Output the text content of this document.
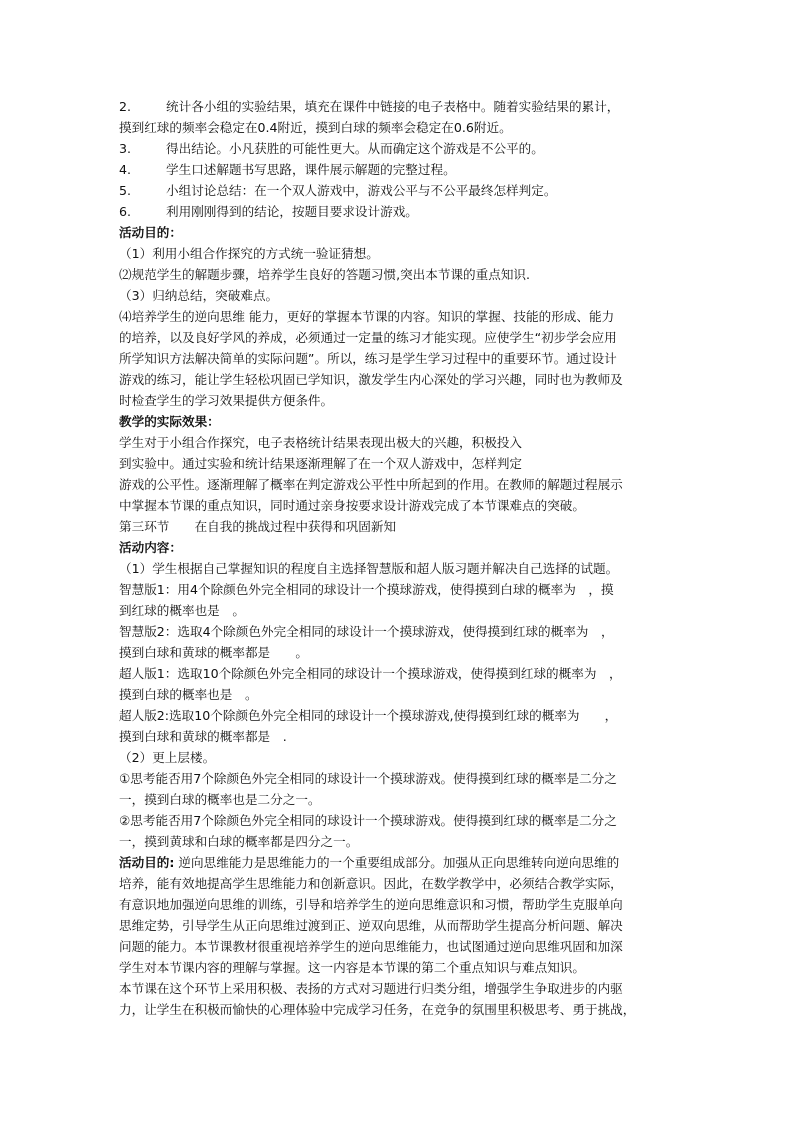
2.	统计各小组的实验结果，填充在课件中链接的电子表格中。随着实验结果的累计，
摸到红球的频率会稳定在0.4附近，摸到白球的频率会稳定在0.6附近。
3.	得出结论。小凡获胜的可能性更大。从而确定这个游戏是不公平的。
4.	学生口述解题书写思路，课件展示解题的完整过程。
5.	小组讨论总结：在一个双人游戏中，游戏公平与不公平最终怎样判定。
6.	利用刚刚得到的结论，按题目要求设计游戏。
活动目的：
（1）利用小组合作探究的方式统一验证猜想。
⑵规范学生的解题步骤，培养学生良好的答题习惯,突出本节课的重点知识.
（3）归纳总结，突破难点。
⑷培养学生的逆向思维 能力，更好的掌握本节课的内容。知识的掌握、技能的形成、能力
的培养，以及良好学风的养成，必须通过一定量的练习才能实现。应使学生“初步学会应用
所学知识方法解决简单的实际问题”。所以，练习是学生学习过程中的重要环节。通过设计
游戏的练习，能让学生轻松巩固已学知识，激发学生内心深处的学习兴趣，同时也为教师及
时检查学生的学习效果提供方便条件。
教学的实际效果：
学生对于小组合作探究，电子表格统计结果表现出极大的兴趣，积极投入
到实验中。通过实验和统计结果逐渐理解了在一个双人游戏中，怎样判定
游戏的公平性。逐渐理解了概率在判定游戏公平性中所起到的作用。在教师的解题过程展示
中掌握本节课的重点知识，同时通过亲身按要求设计游戏完成了本节课难点的突破。
第三环节　　在自我的挑战过程中获得和巩固新知
活动内容：
（1）学生根据自己掌握知识的程度自主选择智慧版和超人版习题并解决自己选择的试题。
智慧版1：用4个除颜色外完全相同的球设计一个摸球游戏，使得摸到白球的概率为　，摸
到红球的概率也是　。
智慧版2：选取4个除颜色外完全相同的球设计一个摸球游戏，使得摸到红球的概率为　，
摸到白球和黄球的概率都是　　。
超人版1：选取10个除颜色外完全相同的球设计一个摸球游戏，使得摸到红球的概率为　，
摸到白球的概率也是　。
超人版2:选取10个除颜色外完全相同的球设计一个摸球游戏,使得摸到红球的概率为　　，
摸到白球和黄球的概率都是　.
（2）更上层楼。
①思考能否用7个除颜色外完全相同的球设计一个摸球游戏。使得摸到红球的概率是二分之
一，摸到白球的概率也是二分之一。
②思考能否用7个除颜色外完全相同的球设计一个摸球游戏。使得摸到红球的概率是二分之
一，摸到黄球和白球的概率都是四分之一。
活动目的: 逆向思维能力是思维能力的一个重要组成部分。加强从正向思维转向逆向思维的
培养，能有效地提高学生思维能力和创新意识。因此，在数学教学中，必须结合教学实际，
有意识地加强逆向思维的训练，引导和培养学生的逆向思维意识和习惯，帮助学生克服单向
思维定势，引导学生从正向思维过渡到正、逆双向思维，从而帮助学生提高分析问题、解决
问题的能力。本节课教材很重视培养学生的逆向思维能力，也试图通过逆向思维巩固和加深
学生对本节课内容的理解与掌握。这一内容是本节课的第二个重点知识与难点知识。
本节课在这个环节上采用积极、表扬的方式对习题进行归类分组，增强学生争取进步的内驱
力，让学生在积极而愉快的心理体验中完成学习任务，在竞争的氛围里积极思考、勇于挑战，
